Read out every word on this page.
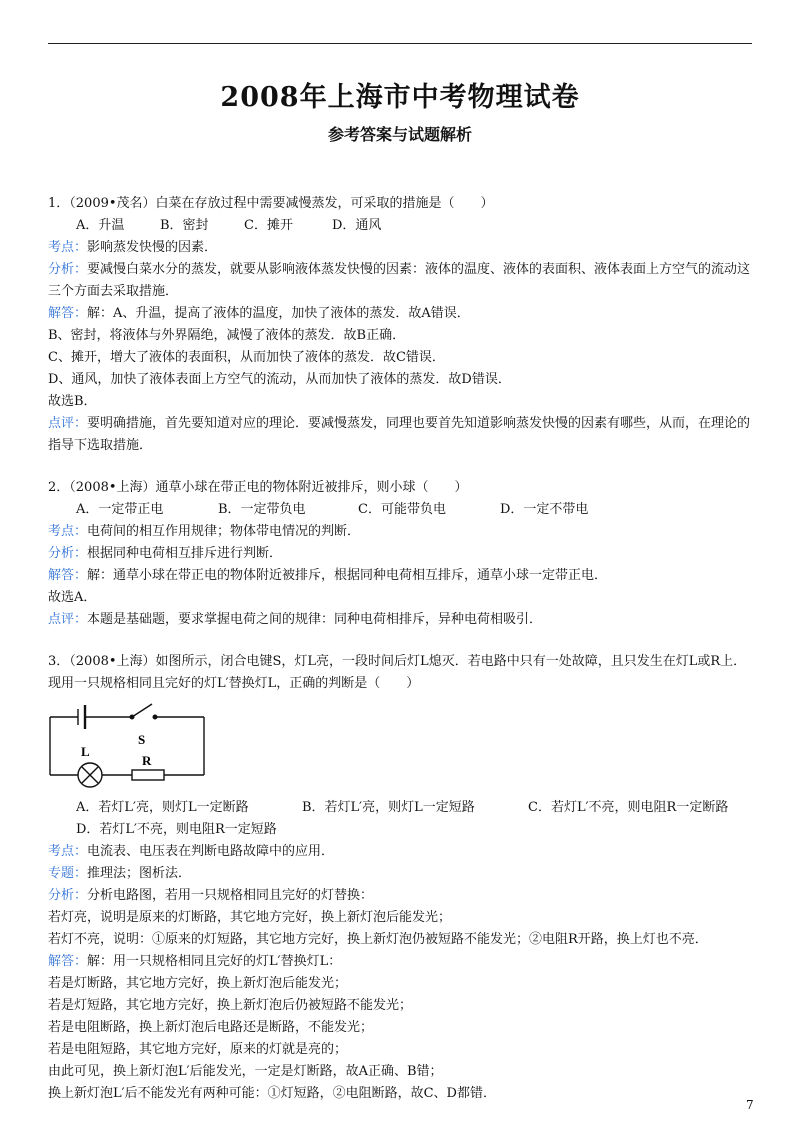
2008年上海市中考物理试卷
参考答案与试题解析
1．（2009•茂名）白菜在存放过程中需要减慢蒸发，可采取的措施是（　　）
A．升温	B．密封	C．摊开	D．通风
考点：影响蒸发快慢的因素．
分析：要减慢白菜水分的蒸发，就要从影响液体蒸发快慢的因素：液体的温度、液体的表面积、液体表面上方空气的流动这三个方面去采取措施．
解答：解：A、升温，提高了液体的温度，加快了液体的蒸发．故A错误．
B、密封，将液体与外界隔绝，减慢了液体的蒸发．故B正确．
C、摊开，增大了液体的表面积，从而加快了液体的蒸发．故C错误．
D、通风，加快了液体表面上方空气的流动，从而加快了液体的蒸发．故D错误．
故选B．
点评：要明确措施，首先要知道对应的理论．要减慢蒸发，同理也要首先知道影响蒸发快慢的因素有哪些，从而，在理论的指导下选取措施．
2．（2008•上海）通草小球在带正电的物体附近被排斥，则小球（　　）
A．一定带正电	B．一定带负电	C．可能带负电	D．一定不带电
考点：电荷间的相互作用规律；物体带电情况的判断．
分析：根据同种电荷相互排斥进行判断．
解答：解：通草小球在带正电的物体附近被排斥，根据同种电荷相互排斥，通草小球一定带正电．
故选A．
点评：本题是基础题，要求掌握电荷之间的规律：同种电荷相排斥，异种电荷相吸引．
3．（2008•上海）如图所示，闭合电键S，灯L亮，一段时间后灯L熄灭．若电路中只有一处故障，且只发生在灯L或R上．现用一只规格相同且完好的灯L′替换灯L，正确的判断是（　　）
S
L
R
A．若灯L′亮，则灯L一定断路	B．若灯L′亮，则灯L一定短路	C．若灯L′不亮，则电阻R一定断路
D．若灯L′不亮，则电阻R一定短路
考点：电流表、电压表在判断电路故障中的应用．
专题：推理法；图析法．
分析：分析电路图，若用一只规格相同且完好的灯替换：
若灯亮，说明是原来的灯断路，其它地方完好，换上新灯泡后能发光；
若灯不亮，说明：①原来的灯短路，其它地方完好，换上新灯泡仍被短路不能发光；②电阻R开路，换上灯也不亮．
解答：解：用一只规格相同且完好的灯L′替换灯L：
若是灯断路，其它地方完好，换上新灯泡后能发光；
若是灯短路，其它地方完好，换上新灯泡后仍被短路不能发光；
若是电阻断路，换上新灯泡后电路还是断路，不能发光；
若是电阻短路，其它地方完好，原来的灯就是亮的；
由此可见，换上新灯泡L′后能发光，一定是灯断路，故A正确、B错；
换上新灯泡L′后不能发光有两种可能：①灯短路，②电阻断路，故C、D都错．
7
